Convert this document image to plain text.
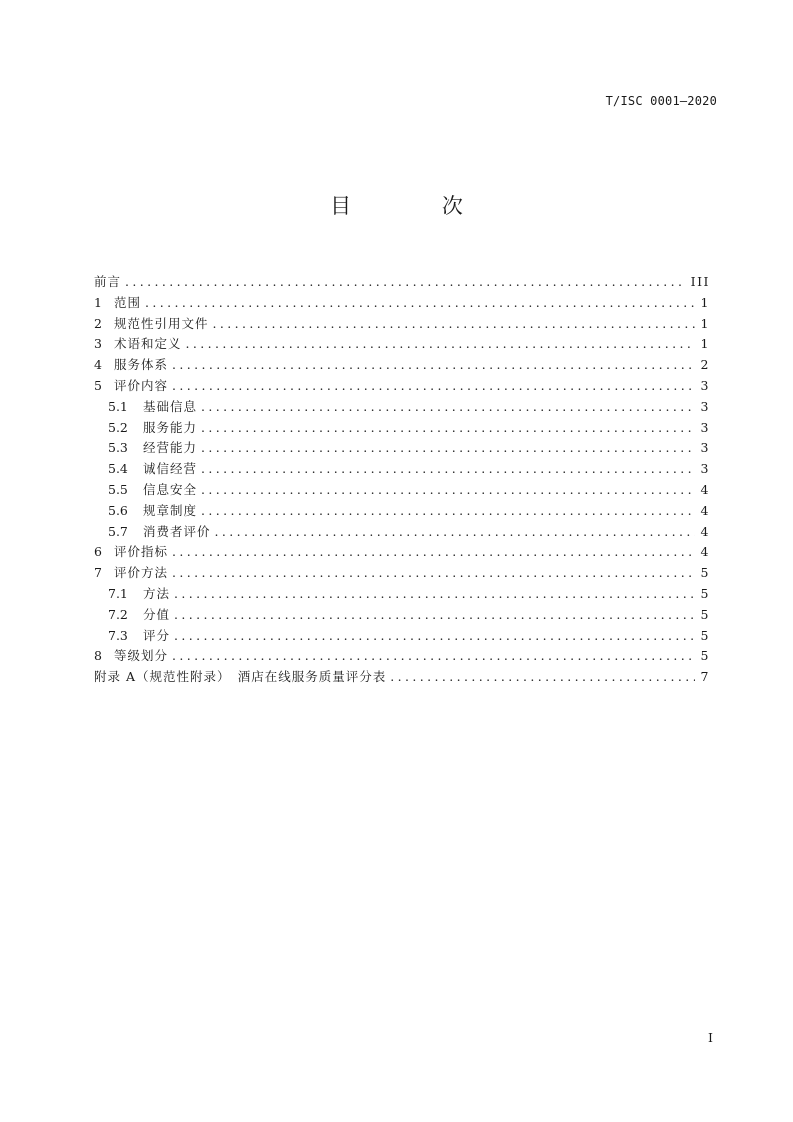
T/ISC 0001—2020
目 次
前言 .....	III
1 范围 .....	1
2 规范性引用文件 .....	1
3 术语和定义 .....	1
4 服务体系 .....	2
5 评价内容 .....	3
5.1	基础信息 .....	3
5.2	服务能力 .....	3
5.3	经营能力 .....	3
5.4	诚信经营 .....	3
5.5	信息安全 .....	4
5.6	规章制度 .....	4
5.7	消费者评价 .....	4
6 评价指标 .....	4
7 评价方法 .....	5
7.1	方法 .....	5
7.2	分值 .....	5
7.3	评分 .....	5
8 等级划分 .....	5
附录 A（规范性附录）　酒店在线服务质量评分表 .....	7
I
